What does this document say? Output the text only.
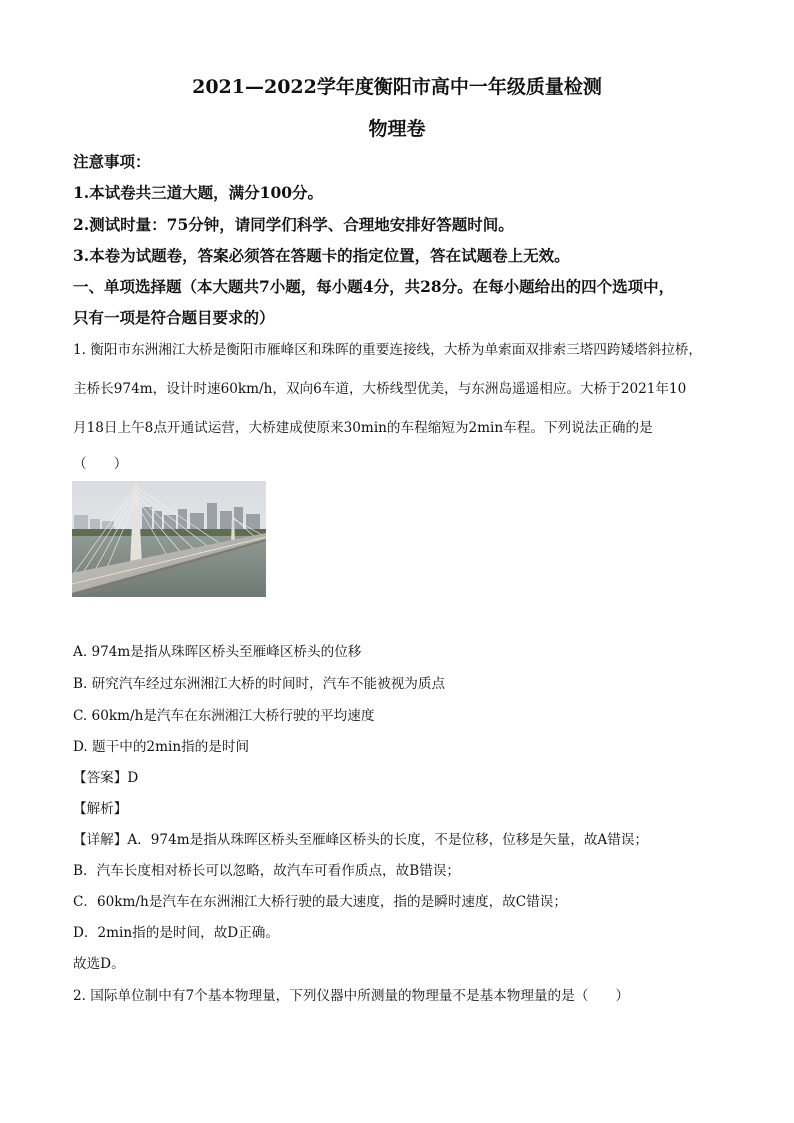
2021—2022学年度衡阳市高中一年级质量检测
物理卷
注意事项：
1.本试卷共三道大题，满分100分。
2.测试时量：75分钟，请同学们科学、合理地安排好答题时间。
3.本卷为试题卷，答案必须答在答题卡的指定位置，答在试题卷上无效。
一、单项选择题（本大题共7小题，每小题4分，共28分。在每小题给出的四个选项中，
只有一项是符合题目要求的）
1. 衡阳市东洲湘江大桥是衡阳市雁峰区和珠晖的重要连接线，大桥为单索面双排索三塔四跨矮塔斜拉桥，
主桥长974m，设计时速60km/h，双向6车道，大桥线型优美，与东洲岛遥遥相应。大桥于2021年10
月18日上午8点开通试运营，大桥建成使原来30min的车程缩短为2min车程。下列说法正确的是
（　　）
A. 974m是指从珠晖区桥头至雁峰区桥头的位移
B. 研究汽车经过东洲湘江大桥的时间时，汽车不能被视为质点
C. 60km/h是汽车在东洲湘江大桥行驶的平均速度
D. 题干中的2min指的是时间
【答案】D
【解析】
【详解】A．974m是指从珠晖区桥头至雁峰区桥头的长度，不是位移，位移是矢量，故A错误；
B．汽车长度相对桥长可以忽略，故汽车可看作质点，故B错误；
C．60km/h是汽车在东洲湘江大桥行驶的最大速度，指的是瞬时速度，故C错误；
D．2min指的是时间，故D正确。
故选D。
2. 国际单位制中有7个基本物理量，下列仪器中所测量的物理量不是基本物理量的是（　　）
